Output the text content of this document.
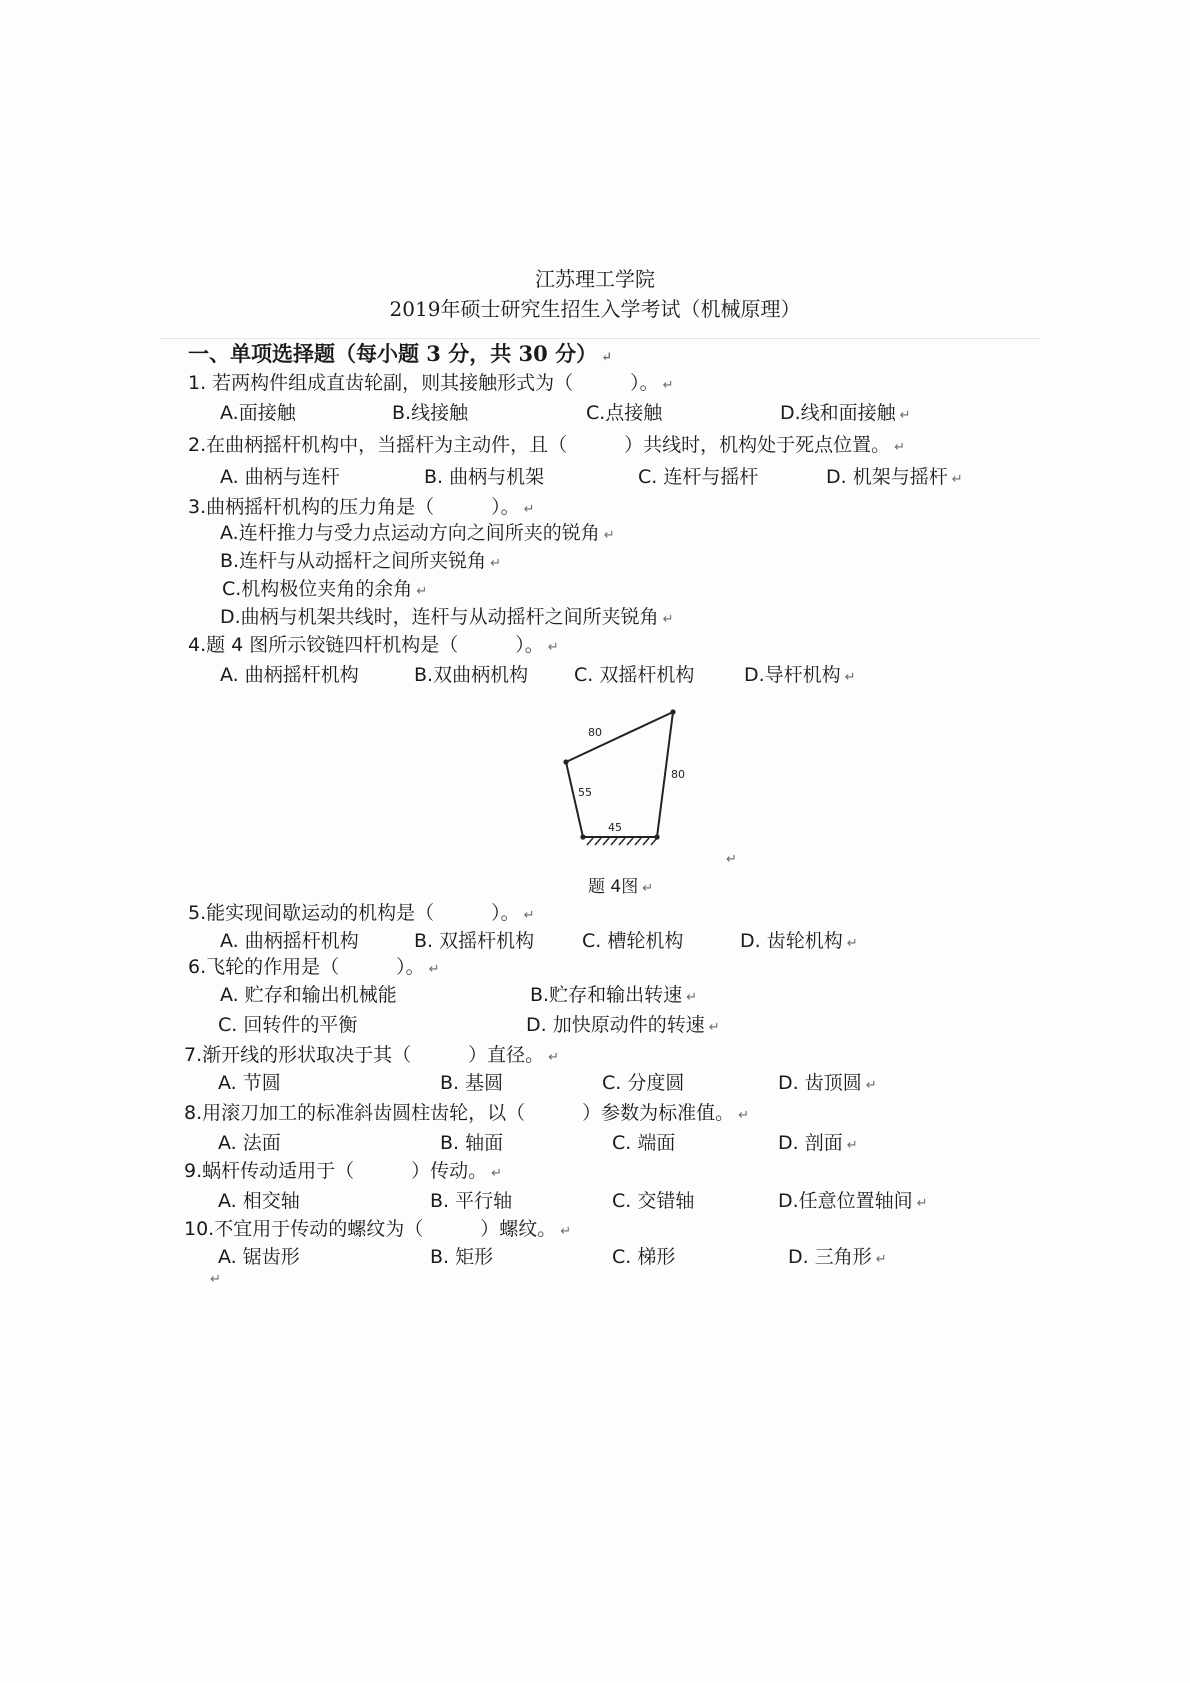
江苏理工学院
2019年硕士研究生招生入学考试（机械原理）
一、单项选择题（每小题 3 分，共 30 分） ↵
1. 若两构件组成直齿轮副，则其接触形式为（　　　）。 ↵
A.面接触	B.线接触	C.点接触	D.线和面接触 ↵
2.在曲柄摇杆机构中，当摇杆为主动件，且（　　　）共线时，机构处于死点位置。 ↵
A. 曲柄与连杆	B. 曲柄与机架	C. 连杆与摇杆	D. 机架与摇杆 ↵
3.曲柄摇杆机构的压力角是（　　　）。 ↵
A.连杆推力与受力点运动方向之间所夹的锐角 ↵
B.连杆与从动摇杆之间所夹锐角 ↵
C.机构极位夹角的余角 ↵
D.曲柄与机架共线时，连杆与从动摇杆之间所夹锐角 ↵
4.题 4 图所示铰链四杆机构是（　　　）。 ↵
A. 曲柄摇杆机构	B.双曲柄机构 C. 双摇杆机构	D.导杆机构 ↵
80
80
55
45
↵
题 4图 ↵
5.能实现间歇运动的机构是（　　　）。 ↵
A. 曲柄摇杆机构	B. 双摇杆机构	C. 槽轮机构	D. 齿轮机构 ↵
6.飞轮的作用是（　　　）。 ↵
A. 贮存和输出机械能	B.贮存和输出转速 ↵
C. 回转件的平衡	D. 加快原动件的转速 ↵
7.渐开线的形状取决于其（　　　）直径。 ↵
A. 节圆	B. 基圆	C. 分度圆	D. 齿顶圆 ↵
8.用滚刀加工的标准斜齿圆柱齿轮，以（　　　）参数为标准值。 ↵
A. 法面	B. 轴面	C. 端面	D. 剖面 ↵
9.蜗杆传动适用于（　　　）传动。 ↵
A. 相交轴	B. 平行轴	C. 交错轴	D.任意位置轴间 ↵
10.不宜用于传动的螺纹为（　　　）螺纹。 ↵
A. 锯齿形	B. 矩形	C. 梯形	D. 三角形 ↵
↵
